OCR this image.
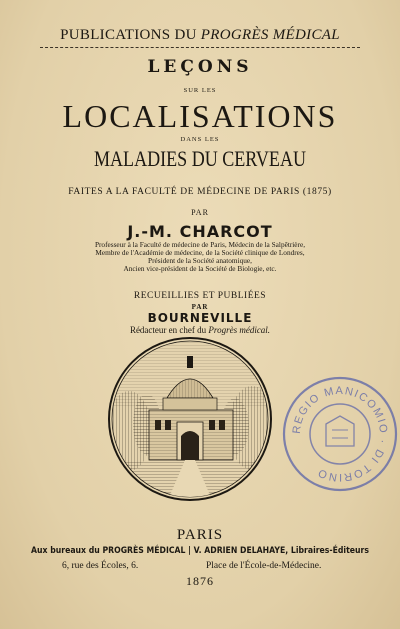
PUBLICATIONS DU PROGRÈS MÉDICAL
LEÇONS
SUR LES
LOCALISATIONS
DANS LES
MALADIES DU CERVEAU
FAITES A LA FACULTÉ DE MÉDECINE DE PARIS (1875)
PAR
J.-M. CHARCOT
Professeur à la Faculté de médecine de Paris, Médecin de la Salpêtrière,
Membre de l'Académie de médecine, de la Société clinique de Londres,
Président de la Société anatomique,
Ancien vice-président de la Société de Biologie, etc.
RECUEILLIES ET PUBLIÉES
PAR
BOURNEVILLE
Rédacteur en chef du Progrès médical.
REGIO MANICOMIO · DI TORINO
PARIS
Aux bureaux du PROGRÈS MÉDICAL | V. ADRIEN DELAHAYE, Libraires-Éditeurs
6, rue des Écoles, 6.	Place de l'École-de-Médecine.
1876
